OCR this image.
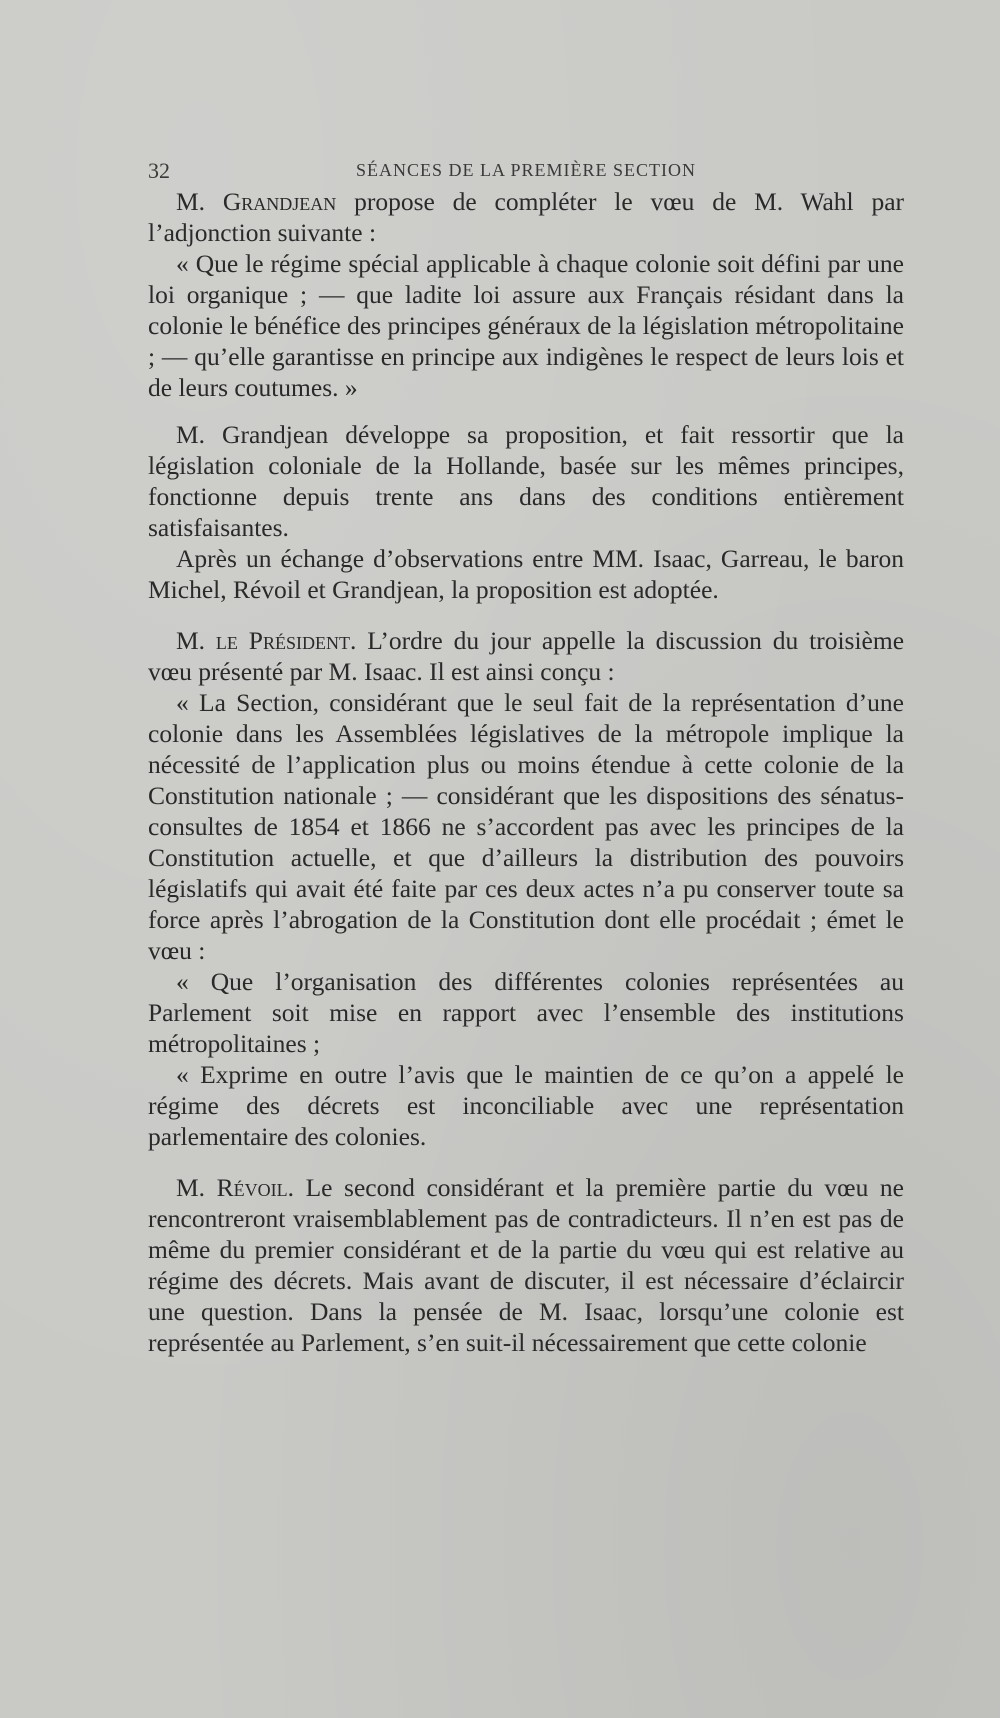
32	SÉANCES DE LA PREMIÈRE SECTION

M. Grandjean propose de compléter le vœu de M. Wahl par l’adjonction suivante :

« Que le régime spécial applicable à chaque colonie soit défini par une loi organique ; — que ladite loi assure aux Français résidant dans la colonie le bénéfice des principes généraux de la législation métropolitaine ; — qu’elle garantisse en principe aux indigènes le respect de leurs lois et de leurs coutumes. »

M. Grandjean développe sa proposition, et fait ressortir que la législation coloniale de la Hollande, basée sur les mêmes principes, fonctionne depuis trente ans dans des conditions entièrement satisfaisantes.

Après un échange d’observations entre MM. Isaac, Garreau, le baron Michel, Révoil et Grandjean, la proposition est adoptée.

M. le Président. L’ordre du jour appelle la discussion du troisième vœu présenté par M. Isaac. Il est ainsi conçu :

« La Section, considérant que le seul fait de la représentation d’une colonie dans les Assemblées législatives de la métropole implique la nécessité de l’application plus ou moins étendue à cette colonie de la Constitution nationale ; — considérant que les dispositions des sénatus-consultes de 1854 et 1866 ne s’accordent pas avec les principes de la Constitution actuelle, et que d’ailleurs la distribution des pouvoirs législatifs qui avait été faite par ces deux actes n’a pu conserver toute sa force après l’abrogation de la Constitution dont elle procédait ; émet le vœu :

« Que l’organisation des différentes colonies représentées au Parlement soit mise en rapport avec l’ensemble des institutions métropolitaines ;

« Exprime en outre l’avis que le maintien de ce qu’on a appelé le régime des décrets est inconciliable avec une représentation parlementaire des colonies.

M. Révoil. Le second considérant et la première partie du vœu ne rencontreront vraisemblablement pas de contradicteurs. Il n’en est pas de même du premier considérant et de la partie du vœu qui est relative au régime des décrets. Mais avant de discuter, il est nécessaire d’éclaircir une question. Dans la pensée de M. Isaac, lorsqu’une colonie est représentée au Parlement, s’en suit-il nécessairement que cette colonie
